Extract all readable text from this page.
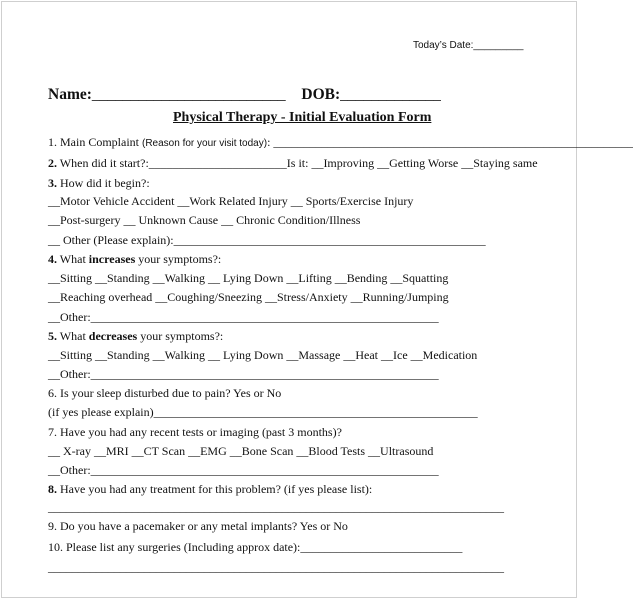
Today’s Date:_________
Name:_________________________ DOB:_____________
Physical Therapy - Initial Evaluation Form
1. Main Complaint (Reason for your visit today): ____________________________________________________________
2. When did it start?:_______________________Is it: __Improving __Getting Worse __Staying same
3. How did it begin?:
__Motor Vehicle Accident __Work Related Injury __ Sports/Exercise Injury
__Post-surgery __ Unknown Cause __ Chronic Condition/Illness
__ Other (Please explain):____________________________________________________
4. What increases your symptoms?:
__Sitting __Standing __Walking __ Lying Down __Lifting __Bending __Squatting
__Reaching overhead __Coughing/Sneezing __Stress/Anxiety __Running/Jumping
__Other:__________________________________________________________
5. What decreases your symptoms?:
__Sitting __Standing __Walking __ Lying Down __Massage __Heat __Ice __Medication
__Other:__________________________________________________________
6. Is your sleep disturbed due to pain? Yes or No
(if yes please explain)______________________________________________________
7. Have you had any recent tests or imaging (past 3 months)?
__ X-ray __MRI __CT Scan __EMG __Bone Scan __Blood Tests __Ultrasound
__Other:__________________________________________________________
8. Have you had any treatment for this problem? (if yes please list):
____________________________________________________________________________
9. Do you have a pacemaker or any metal implants? Yes or No
10. Please list any surgeries (Including approx date):___________________________
____________________________________________________________________________
